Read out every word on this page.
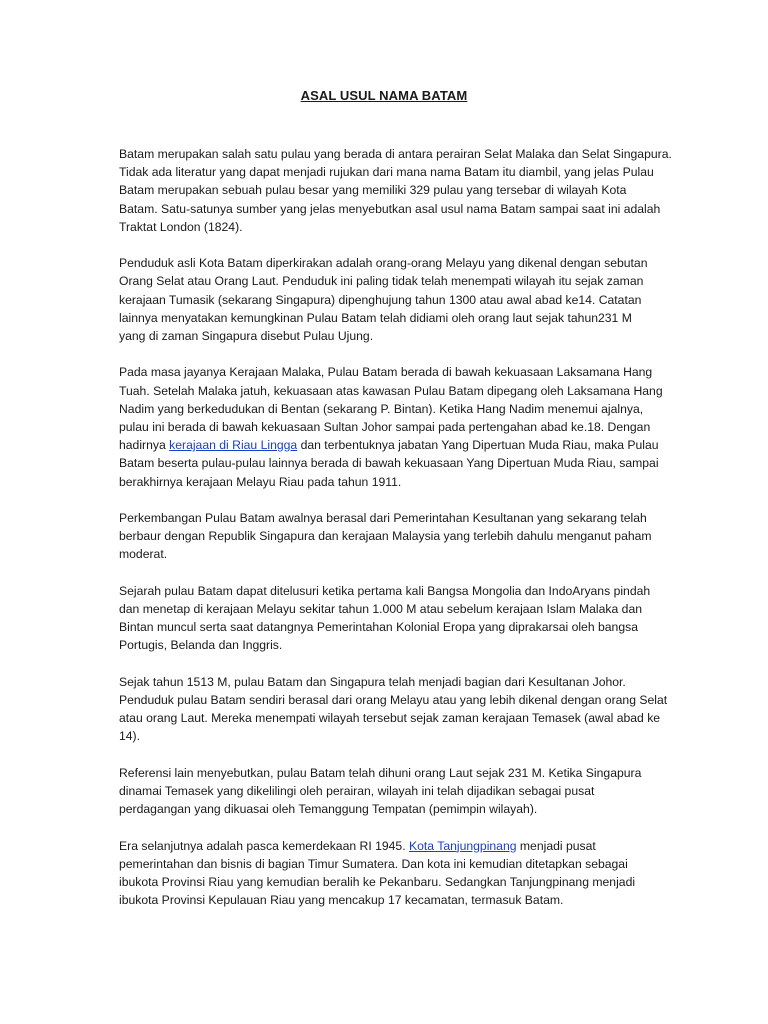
ASAL USUL NAMA BATAM
Batam merupakan salah satu pulau yang berada di antara perairan Selat Malaka dan Selat Singapura.
Tidak ada literatur yang dapat menjadi rujukan dari mana nama Batam itu diambil, yang jelas Pulau
Batam merupakan sebuah pulau besar yang memiliki 329 pulau yang tersebar di wilayah Kota
Batam. Satu-satunya sumber yang jelas menyebutkan asal usul nama Batam sampai saat ini adalah
Traktat London (1824).
Penduduk asli Kota Batam diperkirakan adalah orang-orang Melayu yang dikenal dengan sebutan
Orang Selat atau Orang Laut. Penduduk ini paling tidak telah menempati wilayah itu sejak zaman
kerajaan Tumasik (sekarang Singapura) dipenghujung tahun 1300 atau awal abad ke14. Catatan
lainnya menyatakan kemungkinan Pulau Batam telah didiami oleh orang laut sejak tahun231 M
yang di zaman Singapura disebut Pulau Ujung.
Pada masa jayanya Kerajaan Malaka, Pulau Batam berada di bawah kekuasaan Laksamana Hang
Tuah. Setelah Malaka jatuh, kekuasaan atas kawasan Pulau Batam dipegang oleh Laksamana Hang
Nadim yang berkedudukan di Bentan (sekarang P. Bintan). Ketika Hang Nadim menemui ajalnya,
pulau ini berada di bawah kekuasaan Sultan Johor sampai pada pertengahan abad ke.18. Dengan
hadirnya kerajaan di Riau Lingga dan terbentuknya jabatan Yang Dipertuan Muda Riau, maka Pulau
Batam beserta pulau-pulau lainnya berada di bawah kekuasaan Yang Dipertuan Muda Riau, sampai
berakhirnya kerajaan Melayu Riau pada tahun 1911.
Perkembangan Pulau Batam awalnya berasal dari Pemerintahan Kesultanan yang sekarang telah
berbaur dengan Republik Singapura dan kerajaan Malaysia yang terlebih dahulu menganut paham
moderat.
Sejarah pulau Batam dapat ditelusuri ketika pertama kali Bangsa Mongolia dan IndoAryans pindah
dan menetap di kerajaan Melayu sekitar tahun 1.000 M atau sebelum kerajaan Islam Malaka dan
Bintan muncul serta saat datangnya Pemerintahan Kolonial Eropa yang diprakarsai oleh bangsa
Portugis, Belanda dan Inggris.
Sejak tahun 1513 M, pulau Batam dan Singapura telah menjadi bagian dari Kesultanan Johor.
Penduduk pulau Batam sendiri berasal dari orang Melayu atau yang lebih dikenal dengan orang Selat
atau orang Laut. Mereka menempati wilayah tersebut sejak zaman kerajaan Temasek (awal abad ke
14).
Referensi lain menyebutkan, pulau Batam telah dihuni orang Laut sejak 231 M. Ketika Singapura
dinamai Temasek yang dikelilingi oleh perairan, wilayah ini telah dijadikan sebagai pusat
perdagangan yang dikuasai oleh Temanggung Tempatan (pemimpin wilayah).
Era selanjutnya adalah pasca kemerdekaan RI 1945. Kota Tanjungpinang menjadi pusat
pemerintahan dan bisnis di bagian Timur Sumatera. Dan kota ini kemudian ditetapkan sebagai
ibukota Provinsi Riau yang kemudian beralih ke Pekanbaru. Sedangkan Tanjungpinang menjadi
ibukota Provinsi Kepulauan Riau yang mencakup 17 kecamatan, termasuk Batam.
